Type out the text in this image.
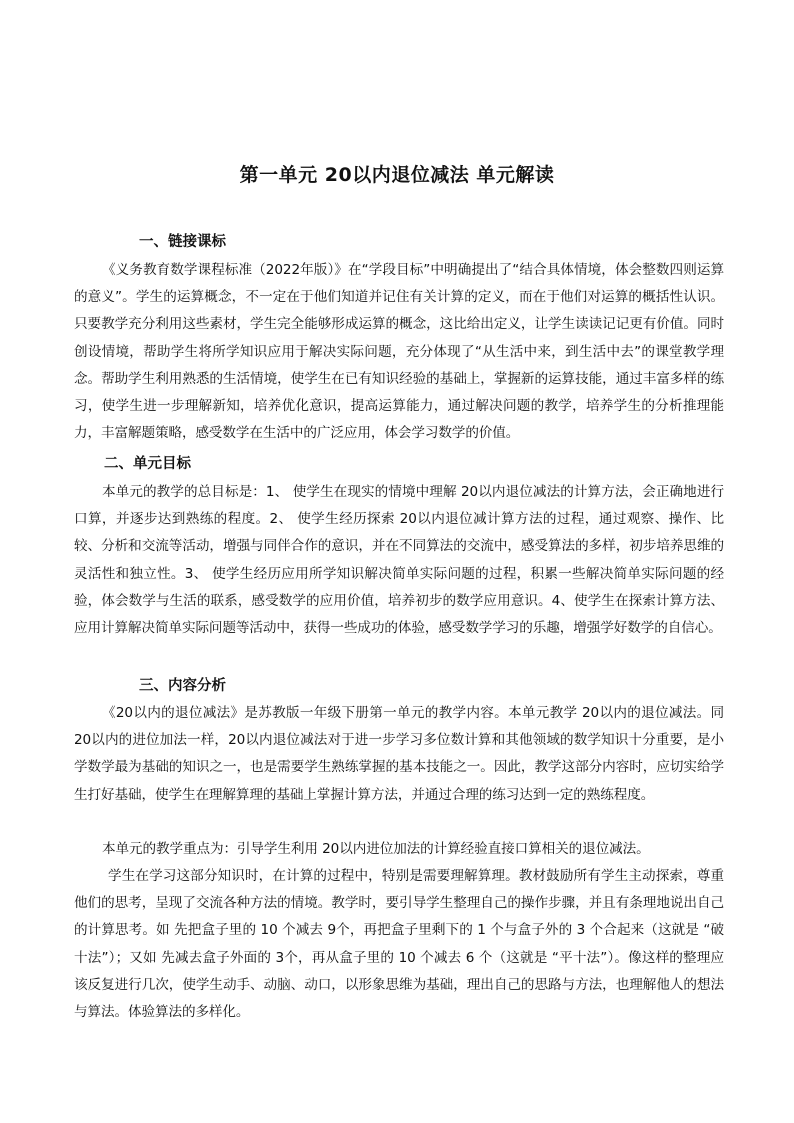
第一单元 20以内退位减法 单元解读
一、链接课标
《义务教育数学课程标准（2022年版）》在“学段目标”中明确提出了“结合具体情境，体会整数四则运算的意义”。学生的运算概念，不一定在于他们知道并记住有关计算的定义，而在于他们对运算的概括性认识。只要教学充分利用这些素材，学生完全能够形成运算的概念，这比给出定义，让学生读读记记更有价值。同时创设情境，帮助学生将所学知识应用于解决实际问题，充分体现了“从生活中来，到生活中去”的课堂教学理念。帮助学生利用熟悉的生活情境，使学生在已有知识经验的基础上，掌握新的运算技能，通过丰富多样的练习，使学生进一步理解新知，培养优化意识，提高运算能力，通过解决问题的教学，培养学生的分析推理能力，丰富解题策略，感受数学在生活中的广泛应用，体会学习数学的价值。
二、单元目标
本单元的教学的总目标是：1、 使学生在现实的情境中理解 20以内退位减法的计算方法，会正确地进行口算，并逐步达到熟练的程度。2、 使学生经历探索 20以内退位减计算方法的过程，通过观察、操作、比较、分析和交流等活动，增强与同伴合作的意识，并在不同算法的交流中，感受算法的多样，初步培养思维的灵活性和独立性。3、 使学生经历应用所学知识解决简单实际问题的过程，积累一些解决简单实际问题的经验，体会数学与生活的联系，感受数学的应用价值，培养初步的数学应用意识。4、使学生在探索计算方法、应用计算解决简单实际问题等活动中，获得一些成功的体验，感受数学学习的乐趣，增强学好数学的自信心。
三、内容分析
《20以内的退位减法》是苏教版一年级下册第一单元的教学内容。本单元教学 20以内的退位减法。同 20以内的进位加法一样，20以内退位减法对于进一步学习多位数计算和其他领域的数学知识十分重要，是小学数学最为基础的知识之一，也是需要学生熟练掌握的基本技能之一。因此，教学这部分内容时，应切实给学生打好基础，使学生在理解算理的基础上掌握计算方法，并通过合理的练习达到一定的熟练程度。
本单元的教学重点为：引导学生利用 20以内进位加法的计算经验直接口算相关的退位减法。
学生在学习这部分知识时，在计算的过程中，特别是需要理解算理。教材鼓励所有学生主动探索，尊重他们的思考，呈现了交流各种方法的情境。教学时，要引导学生整理自己的操作步骤，并且有条理地说出自己的计算思考。如 先把盒子里的 10 个减去 9个，再把盒子里剩下的 1 个与盒子外的 3 个合起来（这就是 “破十法”）；又如 先减去盒子外面的 3个，再从盒子里的 10 个减去 6 个（这就是 “平十法”）。像这样的整理应该反复进行几次，使学生动手、动脑、动口，以形象思维为基础，理出自己的思路与方法，也理解他人的想法与算法。体验算法的多样化。
